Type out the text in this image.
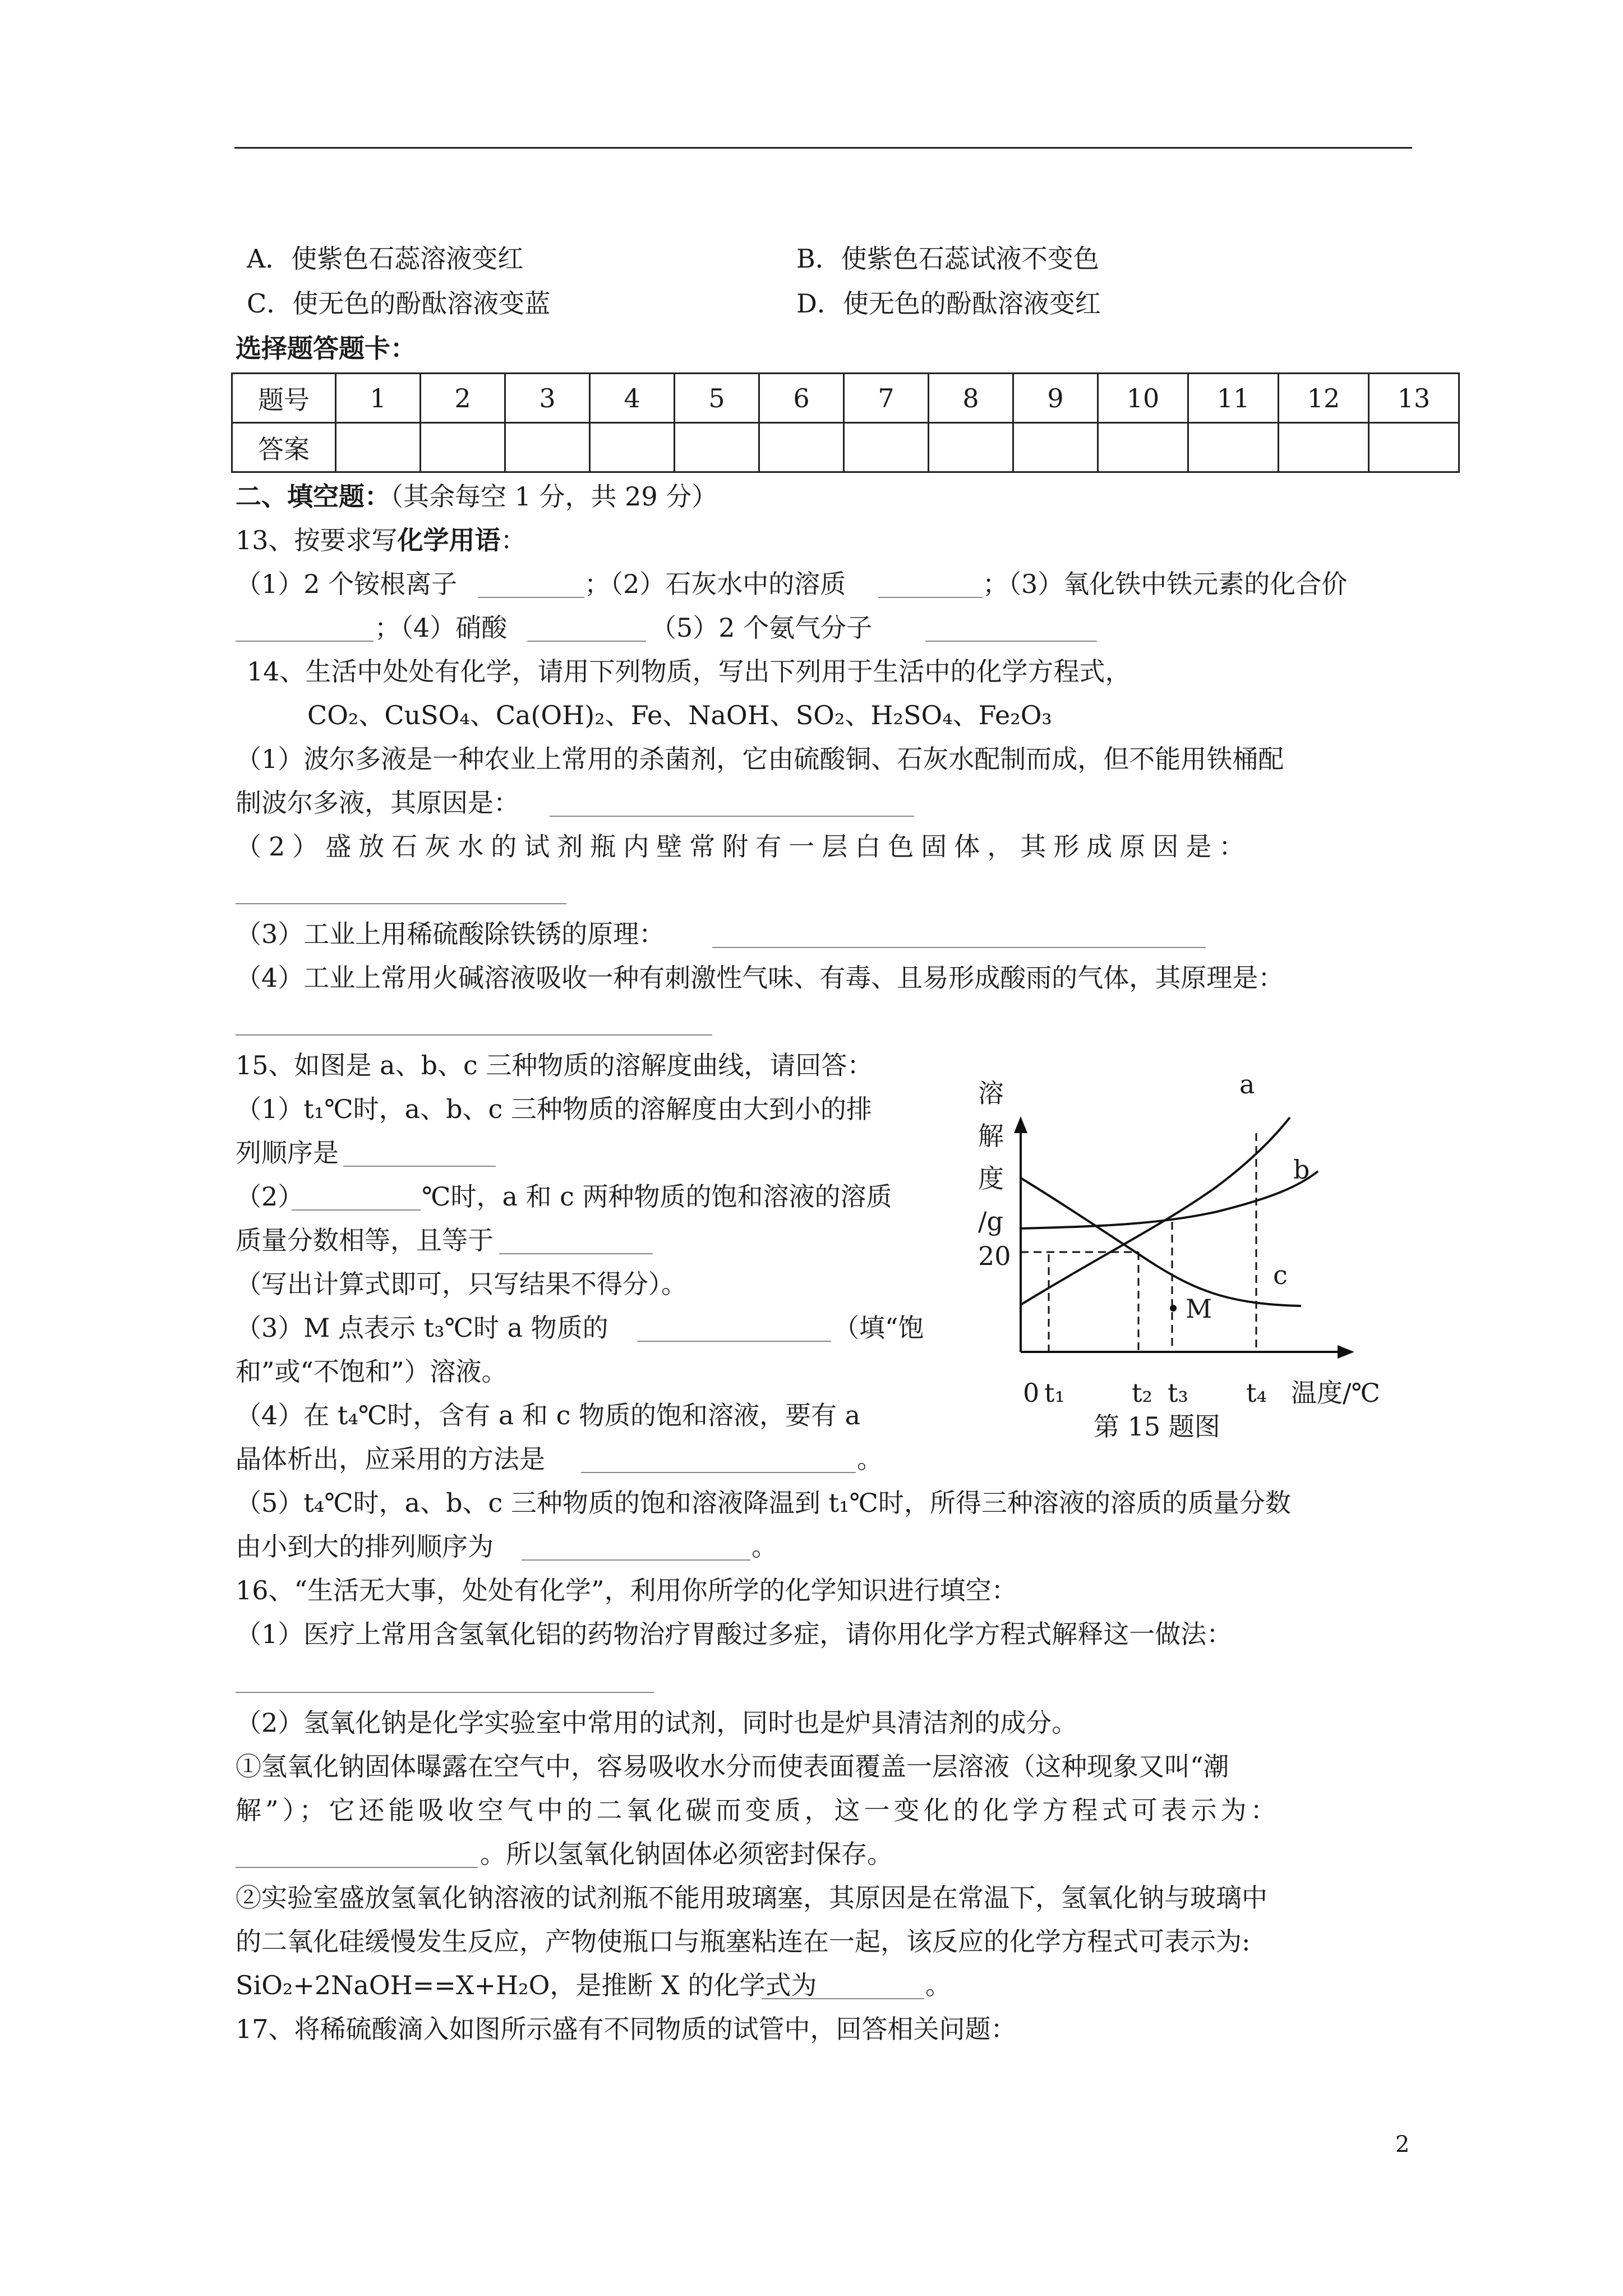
A．使紫色石蕊溶液变红	B．使紫色石蕊试液不变色
C．使无色的酚酞溶液变蓝	D．使无色的酚酞溶液变红
选择题答题卡：
题号	1	2	3	4	5	6	7	8	9	10	11	12	13
答案													
二、填空题：（其余每空 1 分，共 29 分）
13、按要求写化学用语：
（1）2 个铵根离子	；（2）石灰水中的溶质	；（3）氧化铁中铁元素的化合价
；（4）硝酸	（5）2 个氨气分子
14、生活中处处有化学，请用下列物质，写出下列用于生活中的化学方程式，
CO₂、CuSO₄、Ca(OH)₂、Fe、NaOH、SO₂、H₂SO₄、Fe₂O₃
（1）波尔多液是一种农业上常用的杀菌剂，它由硫酸铜、石灰水配制而成，但不能用铁桶配
制波尔多液，其原因是：
（2）盛放石灰水的试剂瓶内壁常附有一层白色固体，其形成原因是：
（3）工业上用稀硫酸除铁锈的原理：
（4）工业上常用火碱溶液吸收一种有刺激性气味、有毒、且易形成酸雨的气体，其原理是：
15、如图是 a、b、c 三种物质的溶解度曲线，请回答：
（1）t₁℃时，a、b、c 三种物质的溶解度由大到小的排
列顺序是
（2）	℃时，a 和 c 两种物质的饱和溶液的溶质
质量分数相等，且等于
（写出计算式即可，只写结果不得分）。
（3）M 点表示 t₃℃时 a 物质的	（填“饱
和”或“不饱和”）溶液。
（4）在 t₄℃时，含有 a 和 c 物质的饱和溶液，要有 a
晶体析出，应采用的方法是	。
（5）t₄℃时，a、b、c 三种物质的饱和溶液降温到 t₁℃时，所得三种溶液的溶质的质量分数
由小到大的排列顺序为	。
溶
解
度
/g
20
a
b
c
M
0 t₁	t₂ t₃ t₄ 温度/℃
第 15 题图
16、“生活无大事，处处有化学”，利用你所学的化学知识进行填空：
（1）医疗上常用含氢氧化铝的药物治疗胃酸过多症，请你用化学方程式解释这一做法：
（2）氢氧化钠是化学实验室中常用的试剂，同时也是炉具清洁剂的成分。
①氢氧化钠固体曝露在空气中，容易吸收水分而使表面覆盖一层溶液（这种现象又叫“潮
解”）；它还能吸收空气中的二氧化碳而变质，这一变化的化学方程式可表示为：
。所以氢氧化钠固体必须密封保存。
②实验室盛放氢氧化钠溶液的试剂瓶不能用玻璃塞，其原因是在常温下，氢氧化钠与玻璃中
的二氧化硅缓慢发生反应，产物使瓶口与瓶塞粘连在一起，该反应的化学方程式可表示为:
SiO₂+2NaOH==X+H₂O，是推断 X 的化学式为	。
17、将稀硫酸滴入如图所示盛有不同物质的试管中，回答相关问题：
2
